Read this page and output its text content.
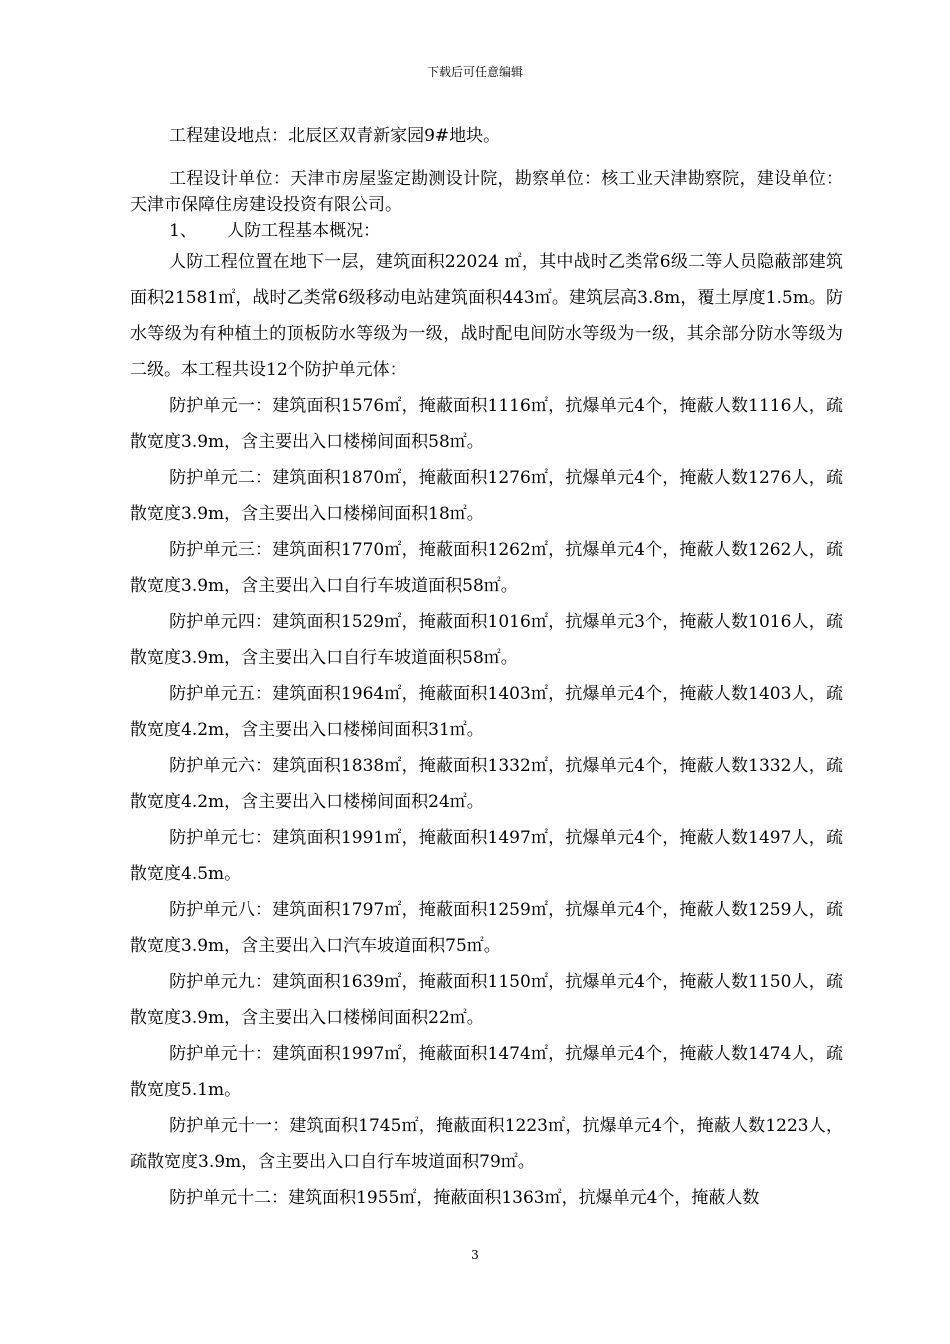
下载后可任意编辑

工程建设地点：北辰区双青新家园9#地块。

工程设计单位：天津市房屋鉴定勘测设计院，勘察单位：核工业天津勘察院，建设单位：天津市保障住房建设投资有限公司。

1、 人防工程基本概况：

人防工程位置在地下一层，建筑面积22024 ㎡，其中战时乙类常6级二等人员隐蔽部建筑面积21581㎡，战时乙类常6级移动电站建筑面积443㎡。建筑层高3.8m，覆土厚度1.5m。防水等级为有种植土的顶板防水等级为一级，战时配电间防水等级为一级，其余部分防水等级为二级。本工程共设12个防护单元体：

防护单元一：建筑面积1576㎡，掩蔽面积1116㎡，抗爆单元4个，掩蔽人数1116人，疏散宽度3.9m，含主要出入口楼梯间面积58㎡。

防护单元二：建筑面积1870㎡，掩蔽面积1276㎡，抗爆单元4个，掩蔽人数1276人，疏散宽度3.9m，含主要出入口楼梯间面积18㎡。

防护单元三：建筑面积1770㎡，掩蔽面积1262㎡，抗爆单元4个，掩蔽人数1262人，疏散宽度3.9m，含主要出入口自行车坡道面积58㎡。

防护单元四：建筑面积1529㎡，掩蔽面积1016㎡，抗爆单元3个，掩蔽人数1016人，疏散宽度3.9m，含主要出入口自行车坡道面积58㎡。

防护单元五：建筑面积1964㎡，掩蔽面积1403㎡，抗爆单元4个，掩蔽人数1403人，疏散宽度4.2m，含主要出入口楼梯间面积31㎡。

防护单元六：建筑面积1838㎡，掩蔽面积1332㎡，抗爆单元4个，掩蔽人数1332人，疏散宽度4.2m，含主要出入口楼梯间面积24㎡。

防护单元七：建筑面积1991㎡，掩蔽面积1497㎡，抗爆单元4个，掩蔽人数1497人，疏散宽度4.5m。

防护单元八：建筑面积1797㎡，掩蔽面积1259㎡，抗爆单元4个，掩蔽人数1259人，疏散宽度3.9m，含主要出入口汽车坡道面积75㎡。

防护单元九：建筑面积1639㎡，掩蔽面积1150㎡，抗爆单元4个，掩蔽人数1150人，疏散宽度3.9m，含主要出入口楼梯间面积22㎡。

防护单元十：建筑面积1997㎡，掩蔽面积1474㎡，抗爆单元4个，掩蔽人数1474人，疏散宽度5.1m。

防护单元十一：建筑面积1745㎡，掩蔽面积1223㎡，抗爆单元4个，掩蔽人数1223人，疏散宽度3.9m，含主要出入口自行车坡道面积79㎡。

防护单元十二：建筑面积1955㎡，掩蔽面积1363㎡，抗爆单元4个，掩蔽人数

3
